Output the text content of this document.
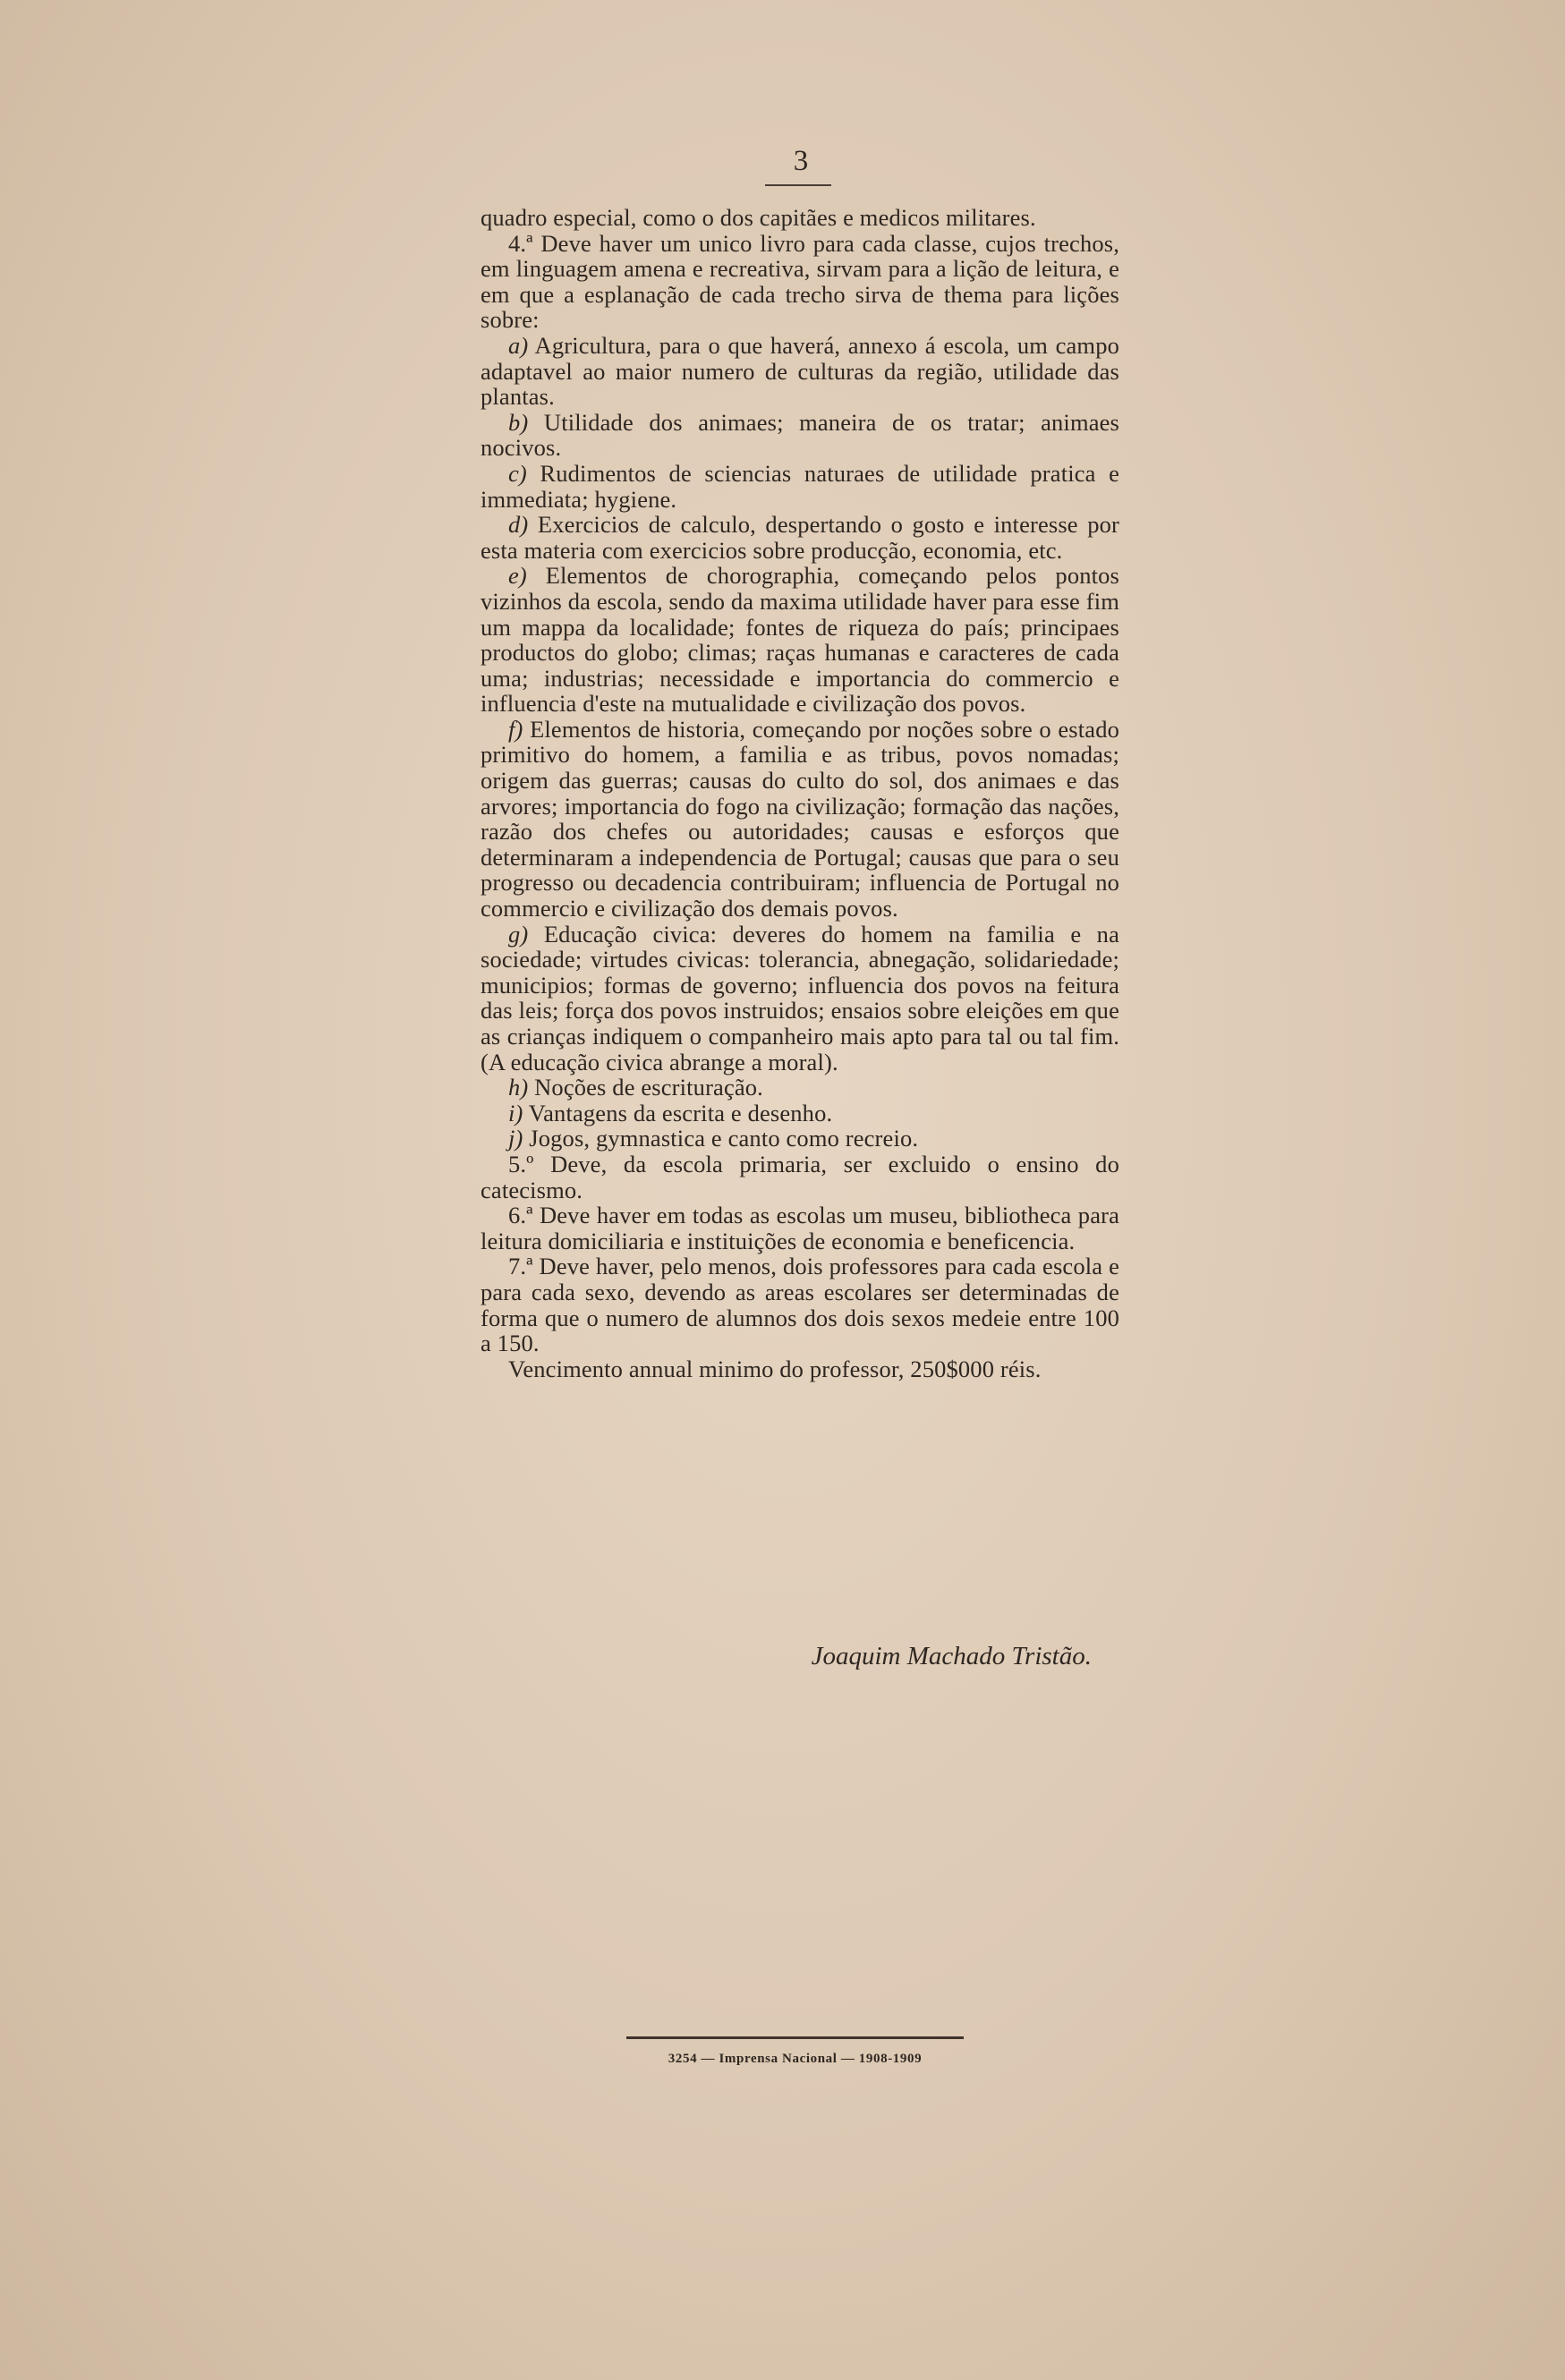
3

quadro especial, como o dos capitães e medicos militares.

4.ª Deve haver um unico livro para cada classe, cujos trechos, em linguagem amena e recreativa, sirvam para a lição de leitura, e em que a esplanação de cada trecho sirva de thema para lições sobre:

a) Agricultura, para o que haverá, annexo á escola, um campo adaptavel ao maior numero de culturas da região, utilidade das plantas.

b) Utilidade dos animaes; maneira de os tratar; animaes nocivos.

c) Rudimentos de sciencias naturaes de utilidade pratica e immediata; hygiene.

d) Exercicios de calculo, despertando o gosto e interesse por esta materia com exercicios sobre producção, economia, etc.

e) Elementos de chorographia, começando pelos pontos vizinhos da escola, sendo da maxima utilidade haver para esse fim um mappa da localidade; fontes de riqueza do país; principaes productos do globo; climas; raças humanas e caracteres de cada uma; industrias; necessidade e importancia do commercio e influencia d'este na mutualidade e civilização dos povos.

f) Elementos de historia, começando por noções sobre o estado primitivo do homem, a familia e as tribus, povos nomadas; origem das guerras; causas do culto do sol, dos animaes e das arvores; importancia do fogo na civilização; formação das nações, razão dos chefes ou autoridades; causas e esforços que determinaram a independencia de Portugal; causas que para o seu progresso ou decadencia contribuiram; influencia de Portugal no commercio e civilização dos demais povos.

g) Educação civica: deveres do homem na familia e na sociedade; virtudes civicas: tolerancia, abnegação, solidariedade; municipios; formas de governo; influencia dos povos na feitura das leis; força dos povos instruidos; ensaios sobre eleições em que as crianças indiquem o companheiro mais apto para tal ou tal fim. (A educação civica abrange a moral).

h) Noções de escrituração.

i) Vantagens da escrita e desenho.

j) Jogos, gymnastica e canto como recreio.

5.º Deve, da escola primaria, ser excluido o ensino do catecismo.

6.ª Deve haver em todas as escolas um museu, bibliotheca para leitura domiciliaria e instituições de economia e beneficencia.

7.ª Deve haver, pelo menos, dois professores para cada escola e para cada sexo, devendo as areas escolares ser determinadas de forma que o numero de alumnos dos dois sexos medeie entre 100 a 150.

Vencimento annual minimo do professor, 250$000 réis.

Joaquim Machado Tristão.
3254 — Imprensa Nacional — 1908-1909
